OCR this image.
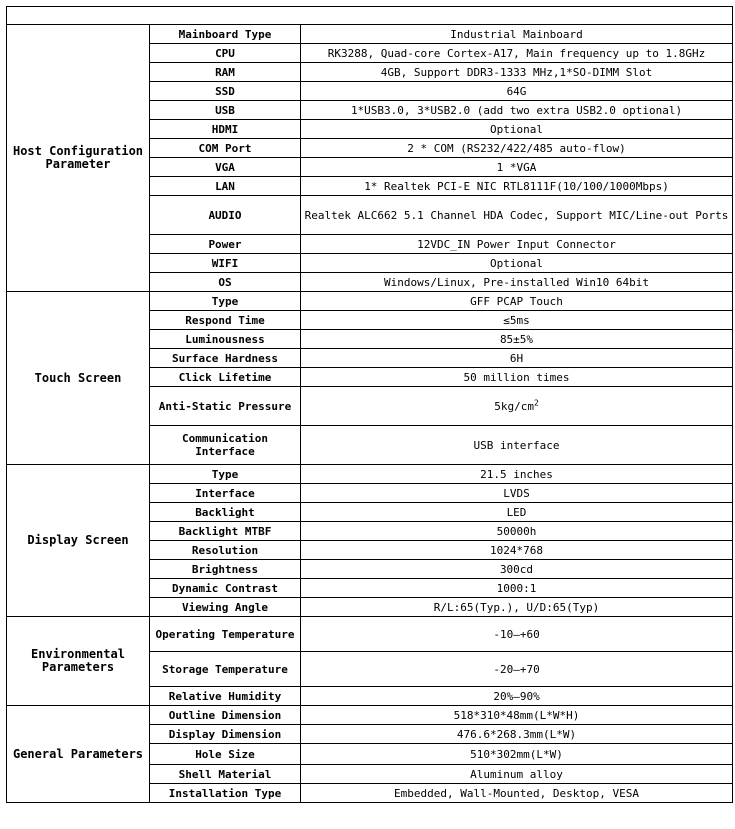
Host Configuration Parameter	Mainboard Type	Industrial Mainboard
	CPU	RK3288, Quad-core Cortex-A17, Main frequency up to 1.8GHz
	RAM	4GB, Support DDR3-1333 MHz,1*SO-DIMM Slot
	SSD	64G
	USB	1*USB3.0, 3*USB2.0 (add two extra USB2.0 optional)
	HDMI	Optional
	COM Port	2 * COM (RS232/422/485 auto-flow)
	VGA	1 *VGA
	LAN	1* Realtek PCI-E NIC RTL8111F(10/100/1000Mbps)
	AUDIO	Realtek ALC662 5.1 Channel HDA Codec, Support MIC/Line-out Ports
	Power	12VDC_IN Power Input Connector
	WIFI	Optional
	OS	Windows/Linux, Pre-installed Win10 64bit
Touch Screen	Type	GFF PCAP Touch
	Respond Time	≤5ms
	Luminousness	85±5%
	Surface Hardness	6H
	Click Lifetime	50 million times
	Anti-Static Pressure	$5kg/cm^2$
	Communication Interface	USB interface
Display Screen	Type	21.5 inches
	Interface	LVDS
	Backlight	LED
	Backlight MTBF	50000h
	Resolution	1024*768
	Brightness	300cd
	Dynamic Contrast	1000:1
	Viewing Angle	R/L:65(Typ.), U/D:65(Typ)
Environmental Parameters	Operating Temperature	-10—+60
	Storage Temperature	-20—+70
	Relative Humidity	20%—90%
General Parameters	Outline Dimension	518*310*48mm(L*W*H)
	Display Dimension	476.6*268.3mm(L*W)
	Hole Size	510*302mm(L*W)
	Shell Material	Aluminum alloy
	Installation Type	Embedded, Wall-Mounted, Desktop, VESA
